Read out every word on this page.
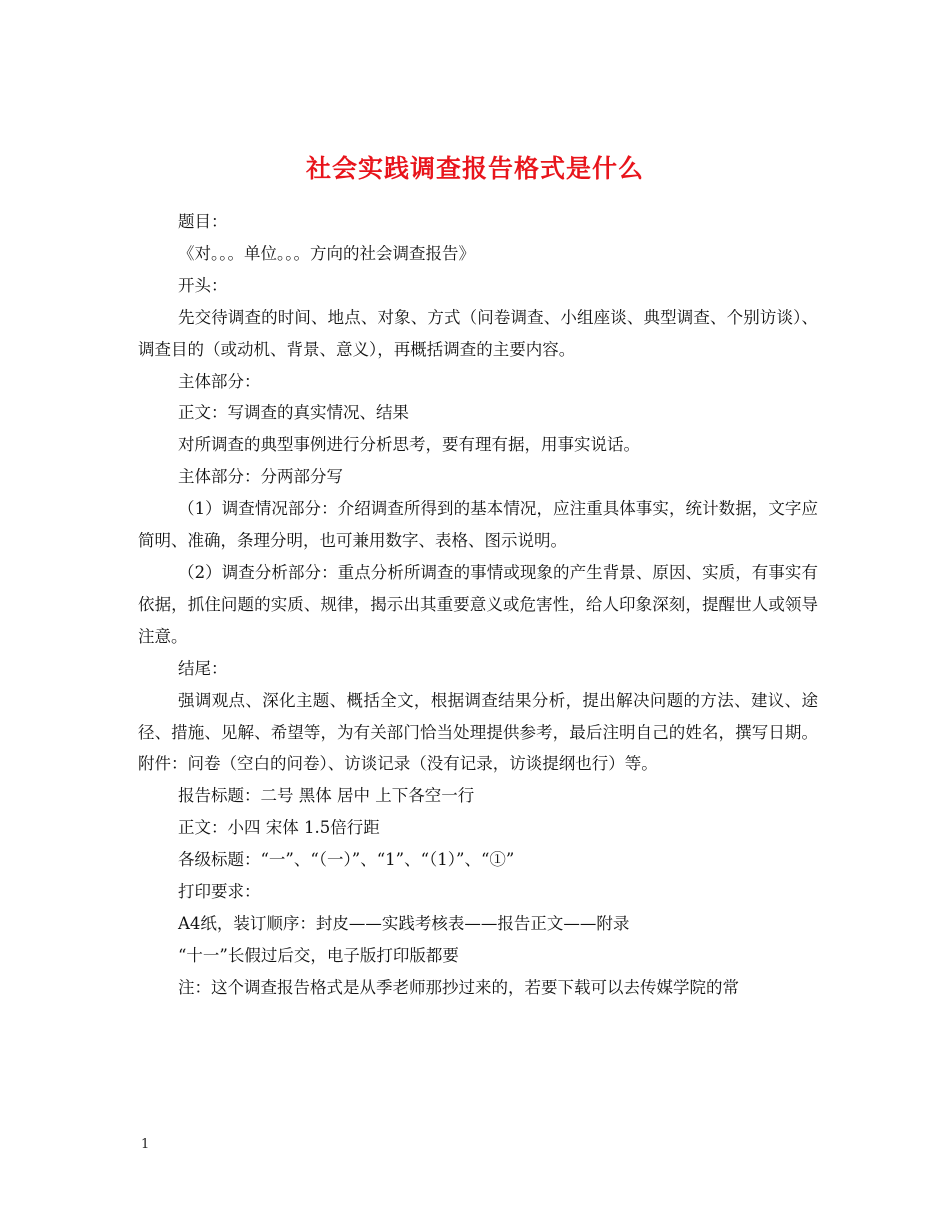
社会实践调查报告格式是什么

题目：

《对。。。单位。。。方向的社会调查报告》

开头：

先交待调查的时间、地点、对象、方式（问卷调查、小组座谈、典型调查、个别访谈）、调查目的（或动机、背景、意义），再概括调查的主要内容。

主体部分：

正文：写调查的真实情况、结果

对所调查的典型事例进行分析思考，要有理有据，用事实说话。

主体部分：分两部分写

（1）调查情况部分：介绍调查所得到的基本情况，应注重具体事实，统计数据，文字应简明、准确，条理分明，也可兼用数字、表格、图示说明。

（2）调查分析部分：重点分析所调查的事情或现象的产生背景、原因、实质，有事实有依据，抓住问题的实质、规律，揭示出其重要意义或危害性，给人印象深刻，提醒世人或领导注意。

结尾：

强调观点、深化主题、概括全文，根据调查结果分析，提出解决问题的方法、建议、途径、措施、见解、希望等，为有关部门恰当处理提供参考，最后注明自己的姓名，撰写日期。 附件：问卷（空白的问卷）、访谈记录（没有记录，访谈提纲也行）等。

报告标题：二号 黑体 居中 上下各空一行

正文：小四 宋体 1.5倍行距

各级标题：“一”、“（一）”、“1”、“（1）”、“①”

打印要求：

A4纸，装订顺序：封皮——实践考核表——报告正文——附录

“十一”长假过后交，电子版打印版都要

注：这个调查报告格式是从季老师那抄过来的，若要下载可以去传媒学院的常

1
